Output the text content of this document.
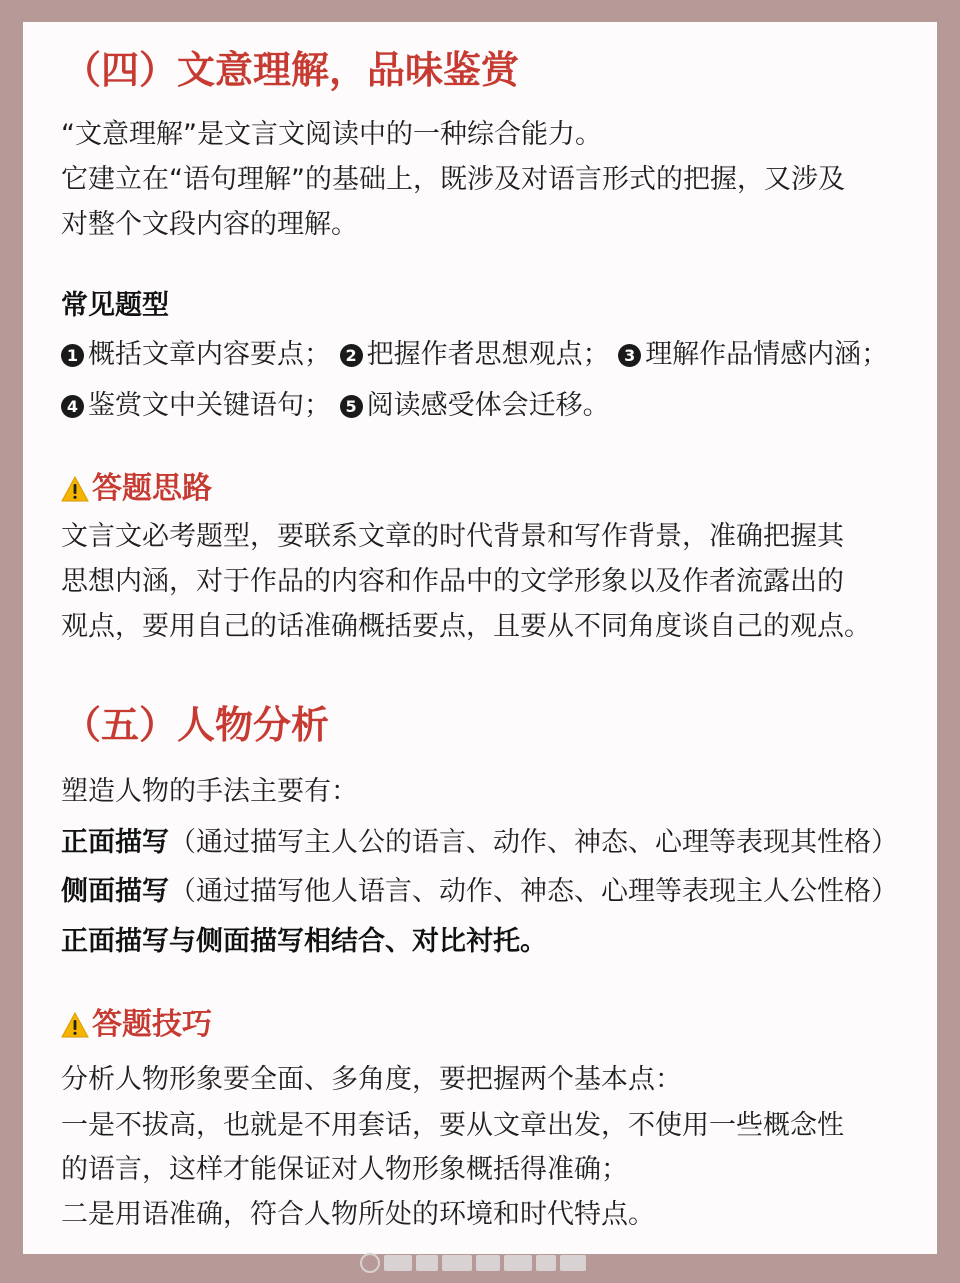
（四）文意理解，品味鉴赏
“文意理解”是文言文阅读中的一种综合能力。
它建立在“语句理解”的基础上，既涉及对语言形式的把握，又涉及
对整个文段内容的理解。
常见题型
1 概括文章内容要点； 2 把握作者思想观点； 3 理解作品情感内涵；
4 鉴赏文中关键语句； 5 阅读感受体会迁移。
答题思路
文言文必考题型，要联系文章的时代背景和写作背景，准确把握其
思想内涵，对于作品的内容和作品中的文学形象以及作者流露出的
观点，要用自己的话准确概括要点，且要从不同角度谈自己的观点。
（五）人物分析
塑造人物的手法主要有：
正面描写（通过描写主人公的语言、动作、神态、心理等表现其性格）
侧面描写（通过描写他人语言、动作、神态、心理等表现主人公性格）
正面描写与侧面描写相结合、对比衬托。
答题技巧
分析人物形象要全面、多角度，要把握两个基本点：
一是不拔高，也就是不用套话，要从文章出发，不使用一些概念性
的语言，这样才能保证对人物形象概括得准确；
二是用语准确，符合人物所处的环境和时代特点。
